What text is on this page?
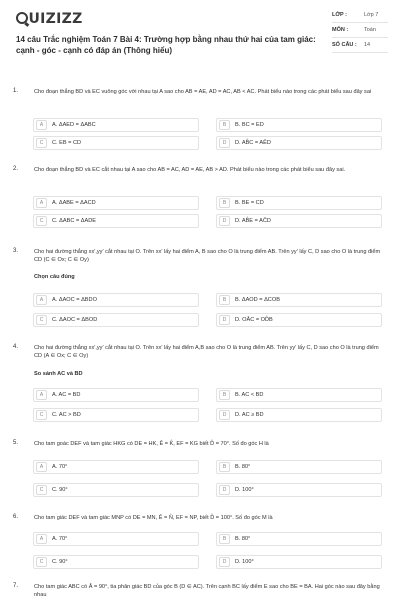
UIZIZZ
14 câu Trắc nghiệm Toán 7 Bài 4: Trường hợp bằng nhau thứ hai của tam giác: cạnh - góc - cạnh có đáp án (Thông hiểu)
LỚP :	Lớp 7
MÔN :	Toán
SỐ CÂU :	14
1.	Cho đoạn thẳng BD và EC vuông góc với nhau tại A sao cho AB = AE, AD = AC, AB < AC. Phát biểu nào trong các phát biểu sau đây sai
A	A. ΔAED = ΔABC	B	B. BC = ED
C	C. EB = CD	D	D. AB̂C = AÊD
2.	Cho đoạn thẳng BD và EC cắt nhau tại A sao cho AB = AC, AD = AE, AB > AD. Phát biểu nào trong các phát biểu sau đây sai.
A	A. ΔABE = ΔACD	B	B. BE = CD
C	C. ΔABC = ΔADE	D	D. AB̂E = AĈD
3.	Cho hai đường thẳng xx′,yy′ cắt nhau tại O. Trên xx′ lấy hai điểm A, B sao cho O là trung điểm AB. Trên yy′ lấy C, D sao cho O là trung điểm CD (C ∈ Ox; C ∈ Oy)
Chọn câu đúng
A	A. ΔAOC = ΔBDO	B	B. ΔAOD = ΔCOB
C	C. ΔAOC = ΔBOD	D	D. OÂC = OD̂B
4.	Cho hai đường thẳng xx′,yy′ cắt nhau tại O. Trên xx′ lấy hai điểm A,B sao cho O là trung điểm AB. Trên yy′ lấy C, D sao cho O là trung điểm CD (A ∈ Ox; C ∈ Oy)
So sánh AC và BD
A	A. AC = BD	B	B. AC < BD
C	C. AC > BD	D	D. AC ≥ BD
5.	Cho tam goác DEF và tam giác HKG có DE = HK, Ê = K̂, EF = KG biết D̂ = 70°. Số đo góc H là
A	A. 70°	B	B. 80°
C	C. 90°	D	D. 100°
6.	Cho tam giác DEF và tam giác MNP có DE = MN, Ê = N̂, EF = NP, biết D̂ = 100°. Số đo góc M là
A	A. 70°	B	B. 80°
C	C. 90°	D	D. 100°
7.	Cho tam giác ABC có Â = 90°, tia phân giác BD của góc B (D ∈ AC). Trên cạnh BC lấy điểm E sao cho BE = BA. Hai góc nào sau đây bằng nhau
